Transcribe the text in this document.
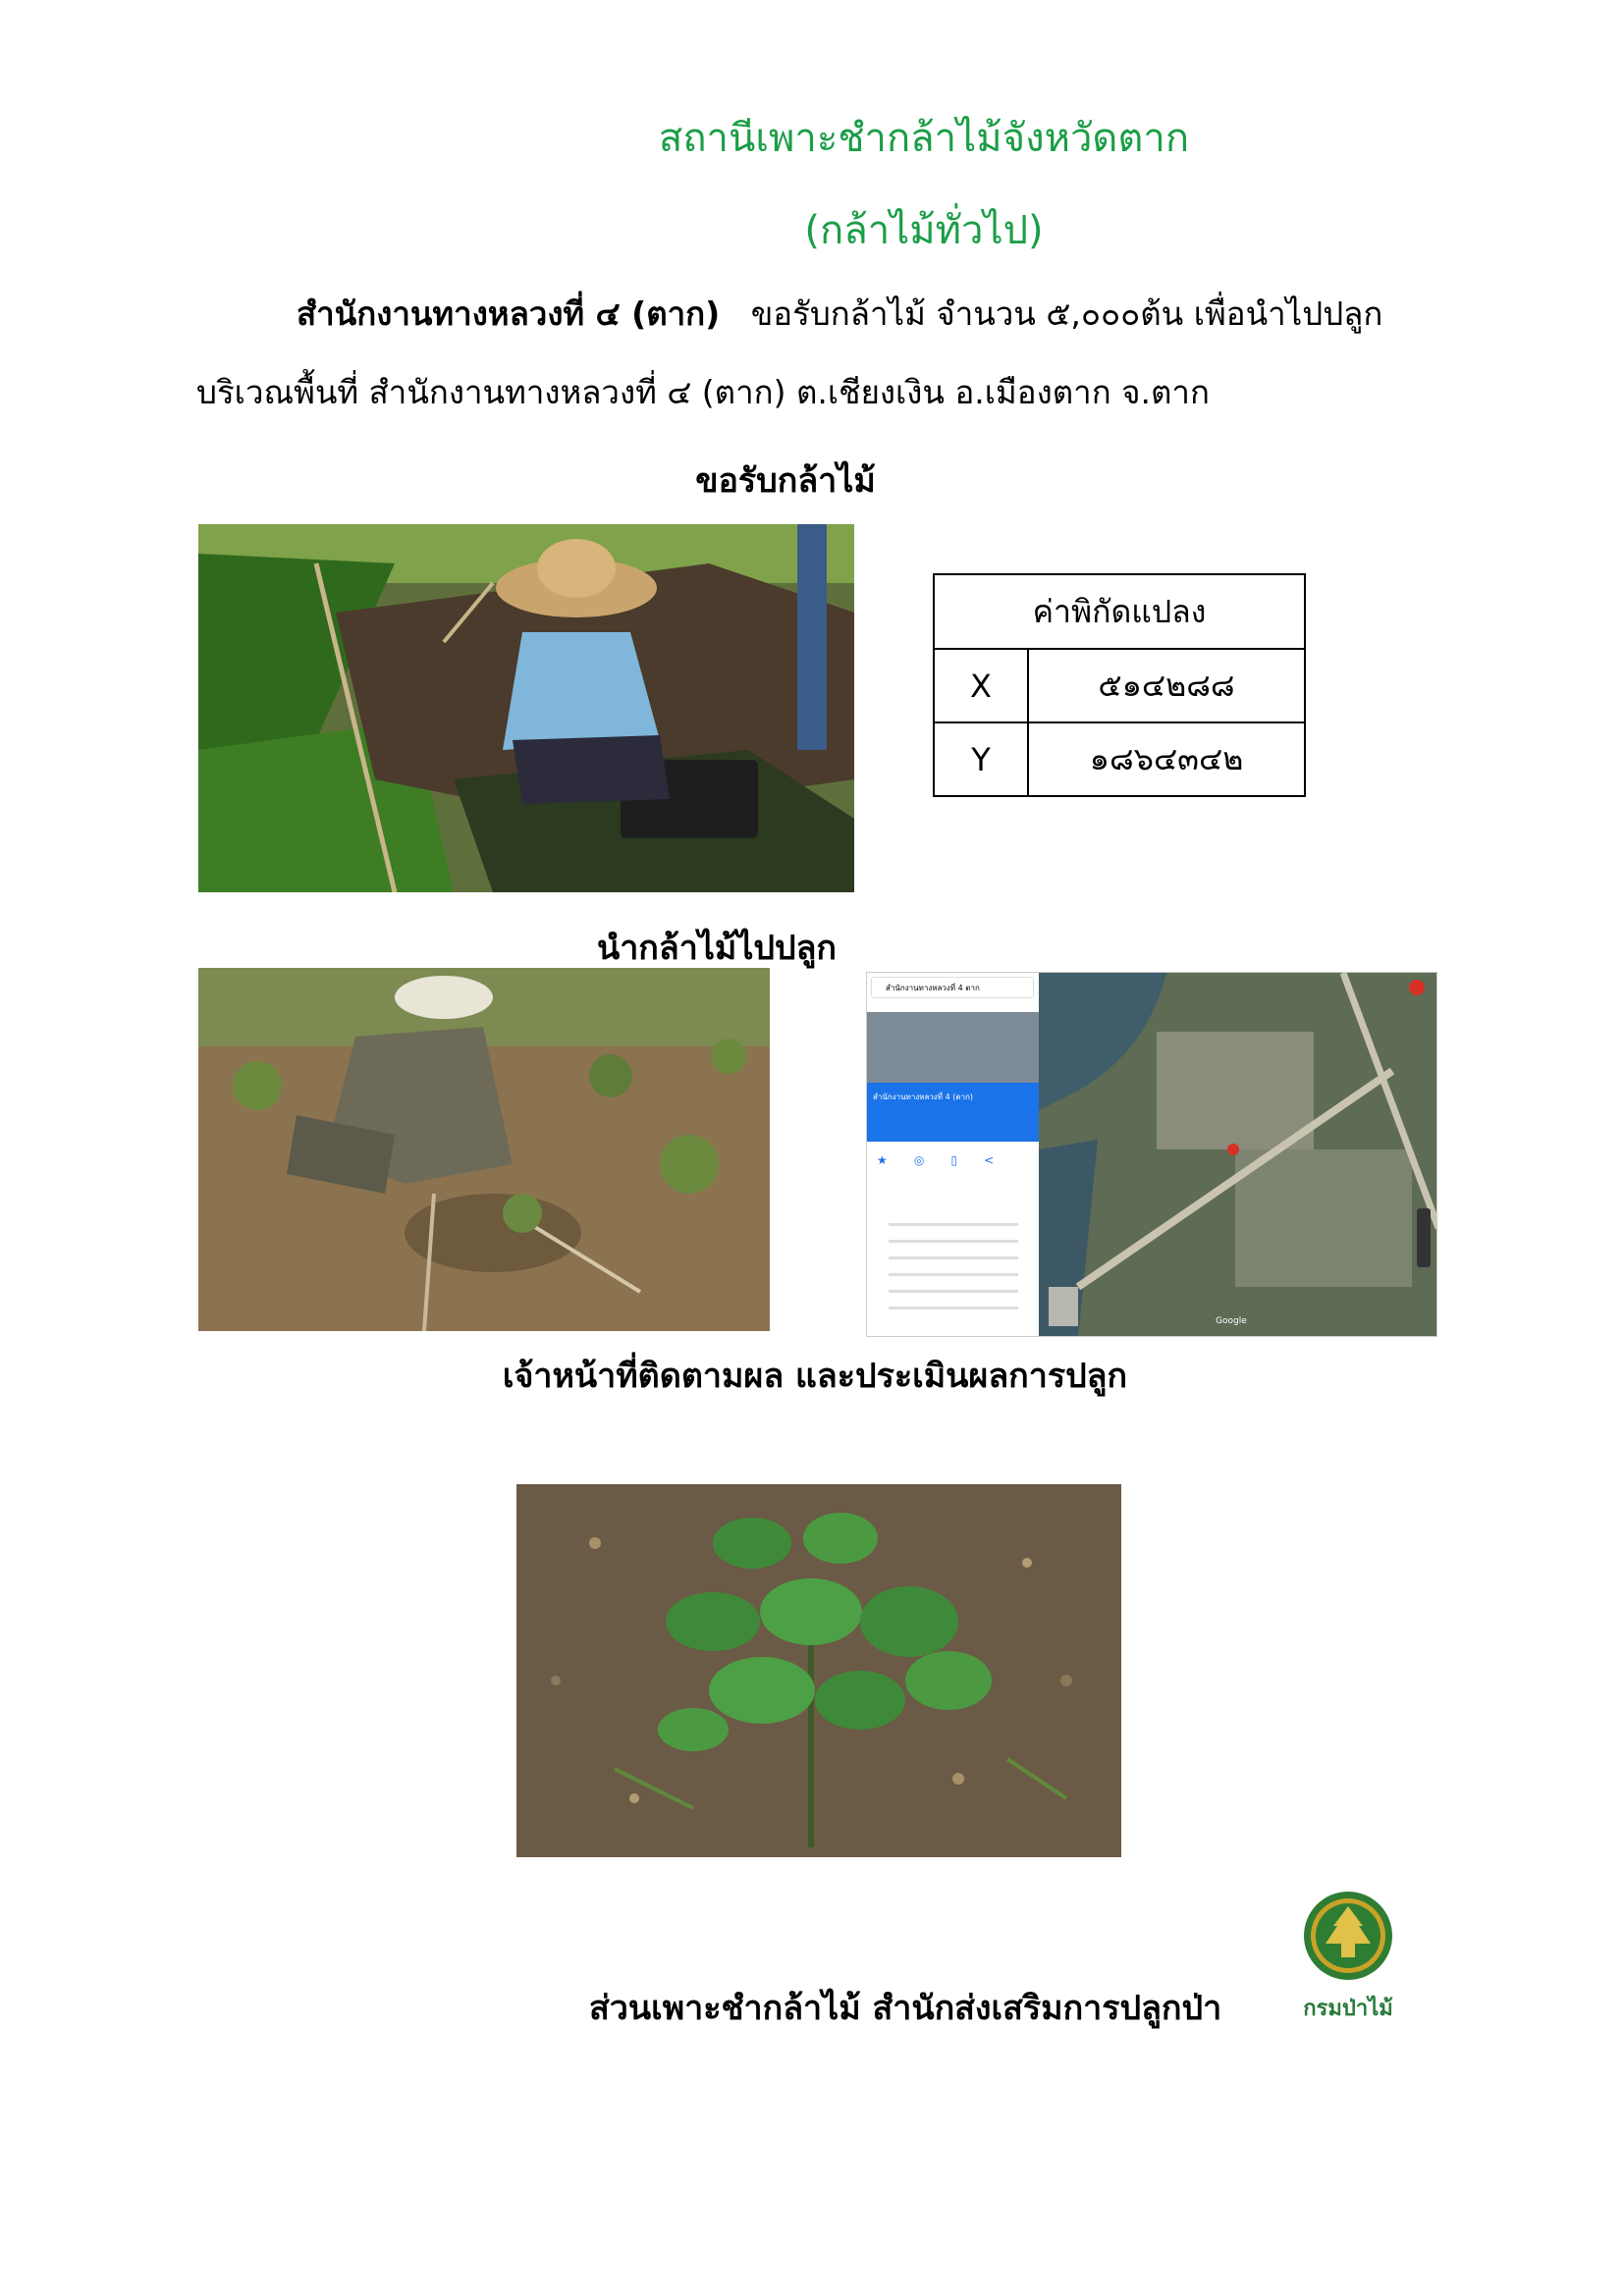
สถานีเพาะชำกล้าไม้จังหวัดตาก
(กล้าไม้ทั่วไป)
สำนักงานทางหลวงที่ ๔ (ตาก) ขอรับกล้าไม้ จำนวน ๕,๐๐๐ต้น เพื่อนำไปปลูก
บริเวณพื้นที่ สำนักงานทางหลวงที่ ๔ (ตาก) ต.เชียงเงิน อ.เมืองตาก จ.ตาก
ขอรับกล้าไม้
ค่าพิกัดแปลง	
X	๕๑๔๒๘๘
Y	๑๘๖๔๓๔๒
นำกล้าไม้ไปปลูก
สำนักงานทางหลวงที่ 4 ตาก
สำนักงานทางหลวงที่ 4 (ตาก)
★ ◎ ▯ <
Google
เจ้าหน้าที่ติดตามผล และประเมินผลการปลูก
ส่วนเพาะชำกล้าไม้ สำนักส่งเสริมการปลูกป่า	กรมป่าไม้
